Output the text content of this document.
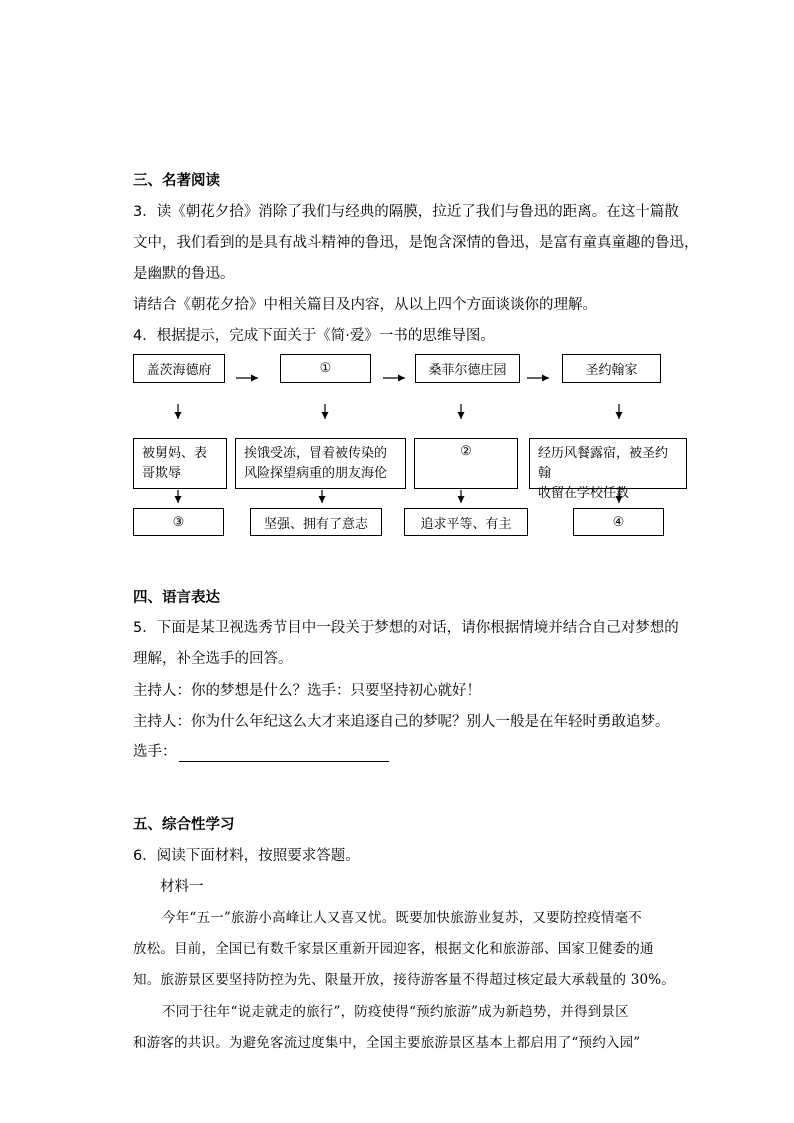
三、名著阅读
3．读《朝花夕拾》消除了我们与经典的隔膜，拉近了我们与鲁迅的距离。在这十篇散
文中，我们看到的是具有战斗精神的鲁迅，是饱含深情的鲁迅，是富有童真童趣的鲁迅，
是幽默的鲁迅。
请结合《朝花夕拾》中相关篇目及内容，从以上四个方面谈谈你的理解。
4．根据提示，完成下面关于《简·爱》一书的思维导图。
盖茨海德府	①	桑菲尔德庄园	圣约翰家
被舅妈、表
哥欺辱
挨饿受冻，冒着被传染的
风险探望病重的朋友海伦
②	经历风餐露宿，被圣约翰
收留在学校任教
③	坚强、拥有了意志	追求平等、有主	④
四、语言表达
5．下面是某卫视选秀节目中一段关于梦想的对话，请你根据情境并结合自己对梦想的
理解，补全选手的回答。
主持人：你的梦想是什么？选手：只要坚持初心就好！
主持人：你为什么年纪这么大才来追逐自己的梦呢？别人一般是在年轻时勇敢追梦。
选手：
五、综合性学习
6．阅读下面材料，按照要求答题。
材料一
今年“五一”旅游小高峰让人又喜又忧。既要加快旅游业复苏，又要防控疫情毫不
放松。目前，全国已有数千家景区重新开园迎客，根据文化和旅游部、国家卫健委的通
知。旅游景区要坚持防控为先、限量开放，接待游客量不得超过核定最大承载量的 30%。
不同于往年“说走就走的旅行”，防疫使得“预约旅游”成为新趋势，并得到景区
和游客的共识。为避免客流过度集中，全国主要旅游景区基本上都启用了“预约入园”
